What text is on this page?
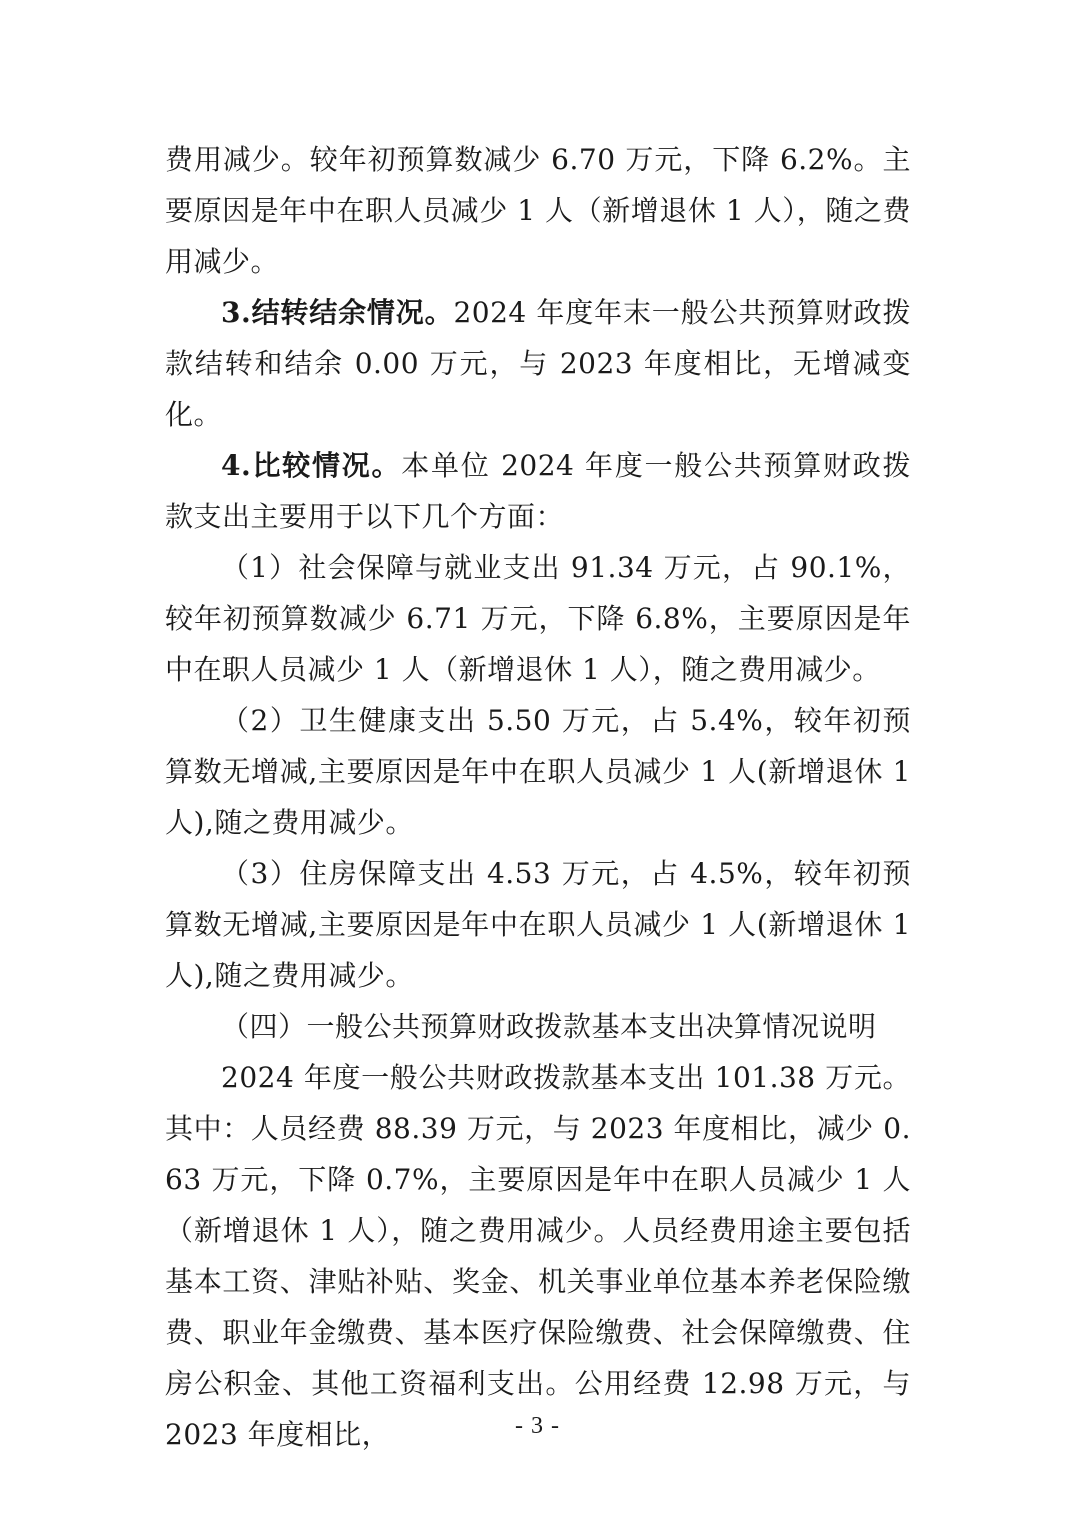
费用减少。较年初预算数减少 6.70 万元，下降 6.2%。主要原因是年中在职人员减少 1 人（新增退休 1 人），随之费用减少。

3.结转结余情况。2024 年度年末一般公共预算财政拨款结转和结余 0.00 万元，与 2023 年度相比，无增减变化。

4.比较情况。本单位 2024 年度一般公共预算财政拨款支出主要用于以下几个方面：

（1）社会保障与就业支出 91.34 万元，占 90.1%，较年初预算数减少 6.71 万元，下降 6.8%，主要原因是年中在职人员减少 1 人（新增退休 1 人），随之费用减少。

（2）卫生健康支出 5.50 万元，占 5.4%，较年初预算数无增减,主要原因是年中在职人员减少 1 人(新增退休 1 人),随之费用减少。

（3）住房保障支出 4.53 万元，占 4.5%，较年初预算数无增减,主要原因是年中在职人员减少 1 人(新增退休 1 人),随之费用减少。

（四）一般公共预算财政拨款基本支出决算情况说明

2024 年度一般公共财政拨款基本支出 101.38 万元。其中：人员经费 88.39 万元，与 2023 年度相比，减少 0.63 万元，下降 0.7%，主要原因是年中在职人员减少 1 人（新增退休 1 人），随之费用减少。人员经费用途主要包括基本工资、津贴补贴、奖金、机关事业单位基本养老保险缴费、职业年金缴费、基本医疗保险缴费、社会保障缴费、住房公积金、其他工资福利支出。公用经费 12.98 万元，与 2023 年度相比，	- 3 -
